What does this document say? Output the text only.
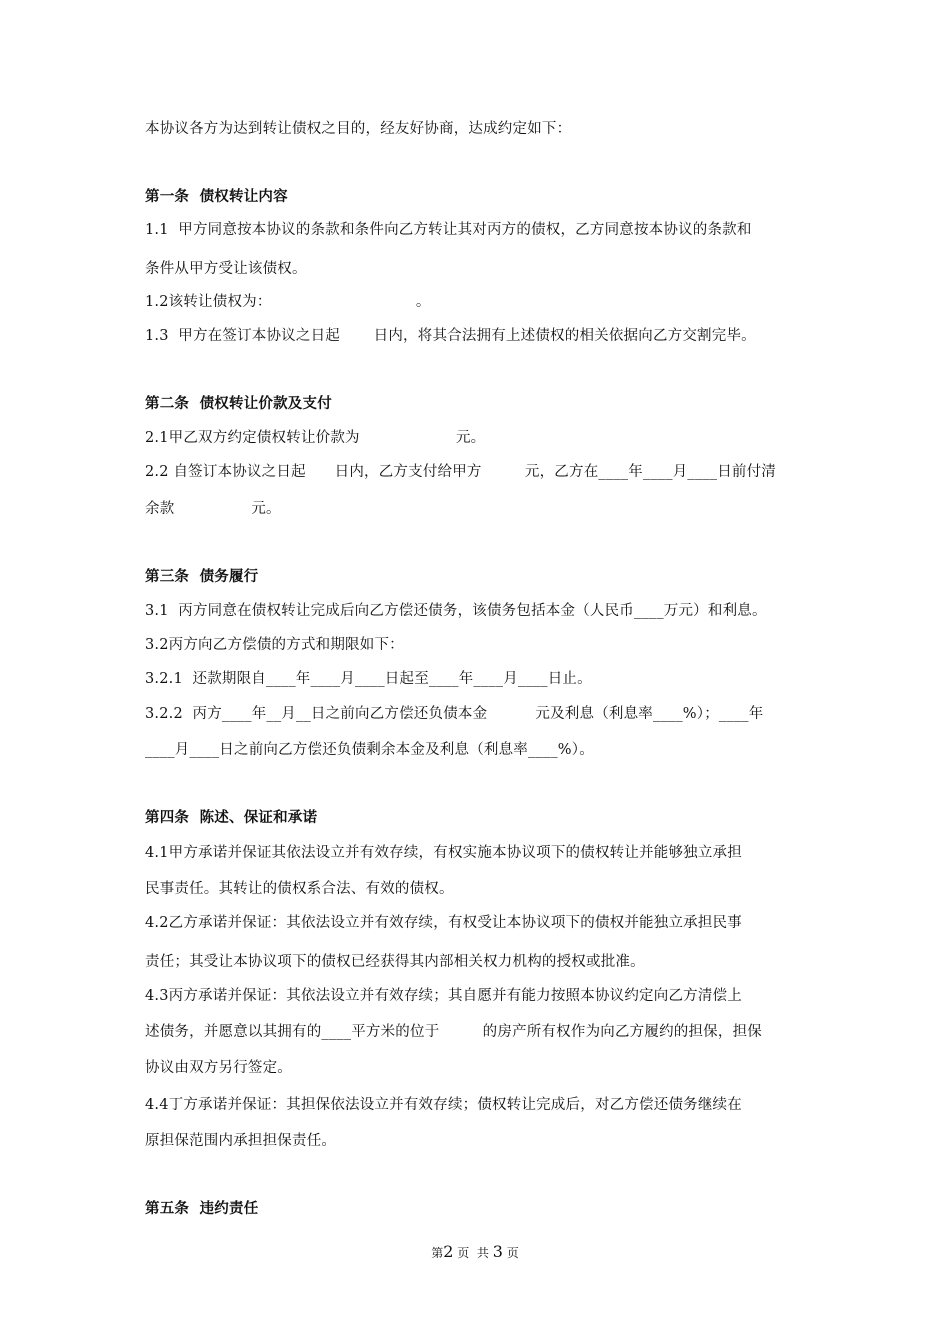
本协议各方为达到转让债权之目的，经友好协商，达成约定如下：
第一条  债权转让内容
1.1  甲方同意按本协议的条款和条件向乙方转让其对丙方的债权，乙方同意按本协议的条款和
条件从甲方受让该债权。
1.2该转让债权为：                              。
1.3  甲方在签订本协议之日起       日内，将其合法拥有上述债权的相关依据向乙方交割完毕。
第二条  债权转让价款及支付
2.1甲乙双方约定债权转让价款为                    元。
2.2 自签订本协议之日起      日内，乙方支付给甲方         元，乙方在____年____月____日前付清
余款                元。
第三条  债务履行
3.1  丙方同意在债权转让完成后向乙方偿还债务，该债务包括本金（人民币____万元）和利息。
3.2丙方向乙方偿债的方式和期限如下：
3.2.1  还款期限自____年____月____日起至____年____月____日止。
3.2.2  丙方____年__月__日之前向乙方偿还负债本金          元及利息（利息率____%）；____年
____月____日之前向乙方偿还负债剩余本金及利息（利息率____%）。
第四条  陈述、保证和承诺
4.1甲方承诺并保证其依法设立并有效存续，有权实施本协议项下的债权转让并能够独立承担
民事责任。其转让的债权系合法、有效的债权。
4.2乙方承诺并保证：其依法设立并有效存续，有权受让本协议项下的债权并能独立承担民事
责任；其受让本协议项下的债权已经获得其内部相关权力机构的授权或批准。
4.3丙方承诺并保证：其依法设立并有效存续；其自愿并有能力按照本协议约定向乙方清偿上
述债务，并愿意以其拥有的____平方米的位于         的房产所有权作为向乙方履约的担保，担保
协议由双方另行签定。
4.4丁方承诺并保证：其担保依法设立并有效存续；债权转让完成后，对乙方偿还债务继续在
原担保范围内承担担保责任。
第五条  违约责任
第2 页  共 3 页
